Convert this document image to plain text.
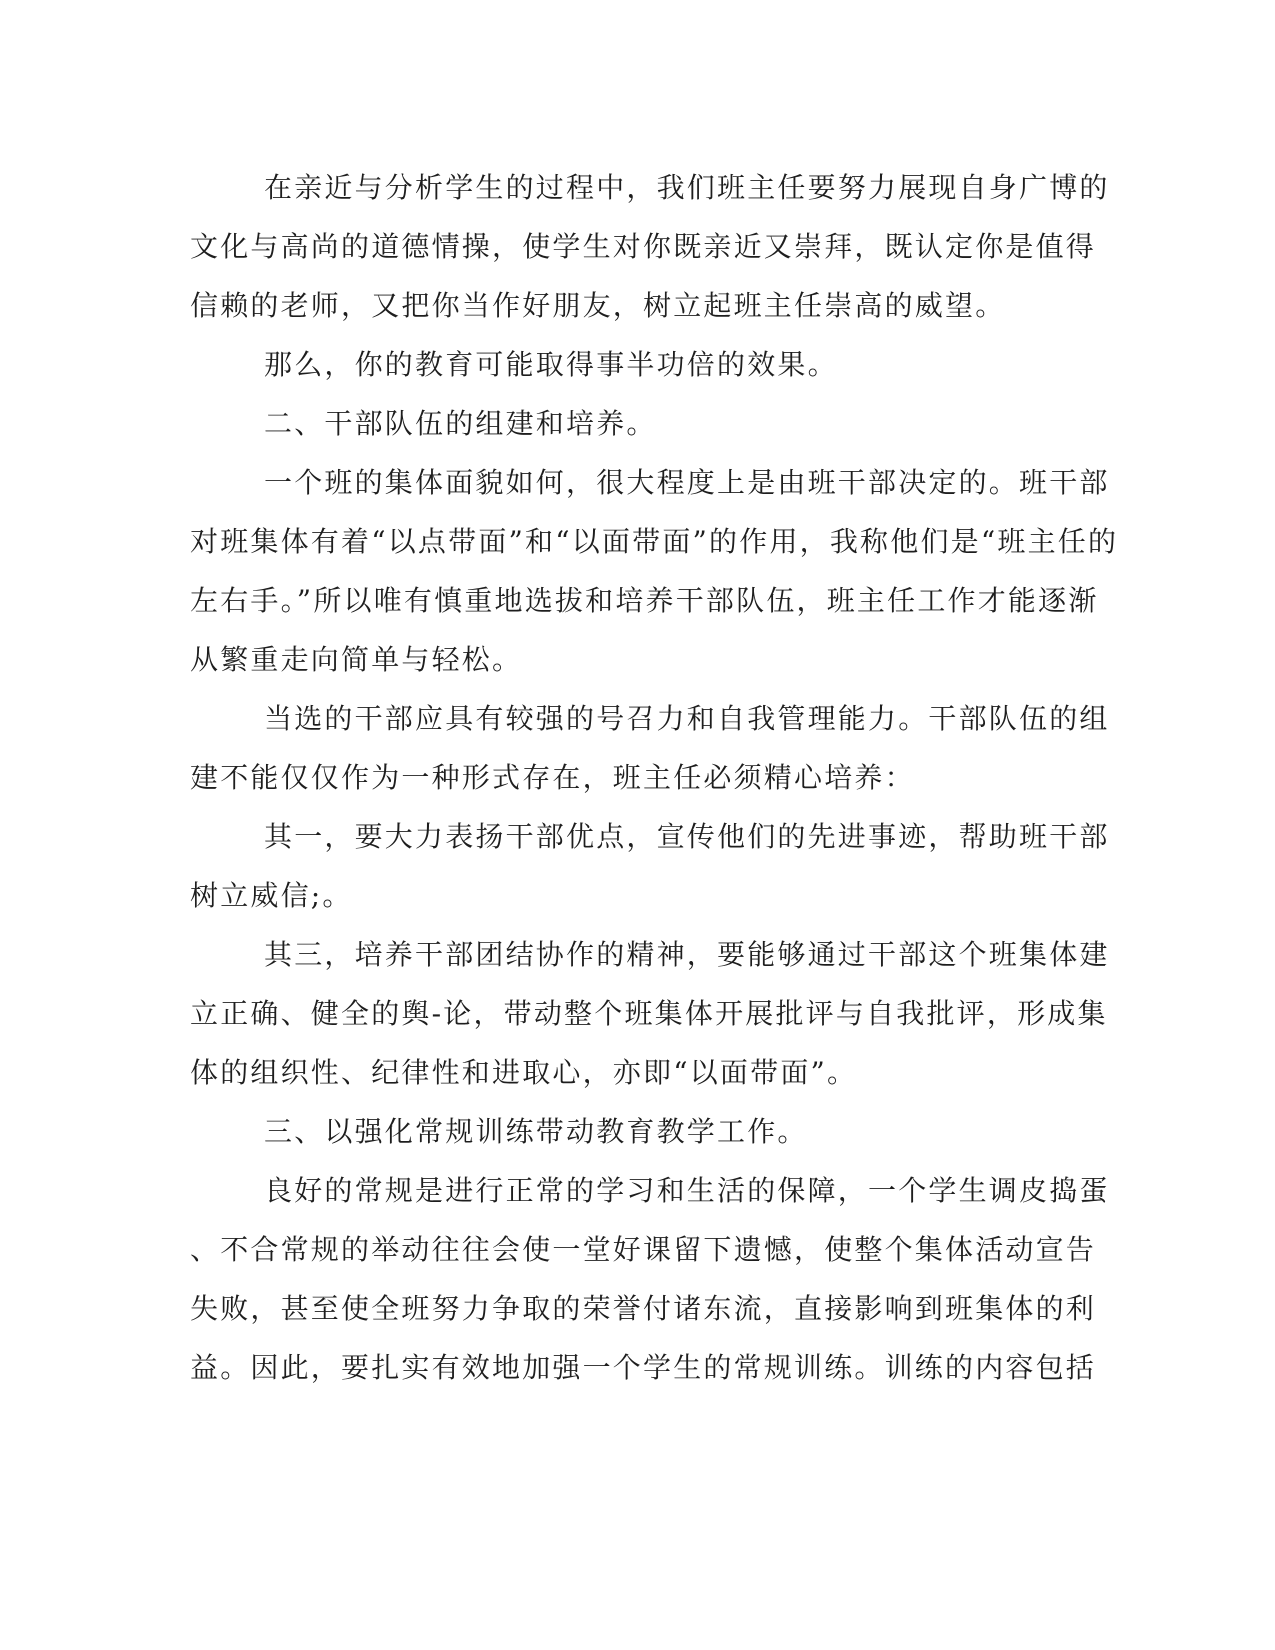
在亲近与分析学生的过程中，我们班主任要努力展现自身广博的
文化与高尚的道德情操，使学生对你既亲近又崇拜，既认定你是值得
信赖的老师，又把你当作好朋友，树立起班主任崇高的威望。
那么，你的教育可能取得事半功倍的效果。
二、干部队伍的组建和培养。
一个班的集体面貌如何，很大程度上是由班干部决定的。班干部
对班集体有着“以点带面”和“以面带面”的作用，我称他们是“班主任的
左右手。”所以唯有慎重地选拔和培养干部队伍，班主任工作才能逐渐
从繁重走向简单与轻松。
当选的干部应具有较强的号召力和自我管理能力。干部队伍的组
建不能仅仅作为一种形式存在，班主任必须精心培养：
其一，要大力表扬干部优点，宣传他们的先进事迹，帮助班干部
树立威信;。
其三，培养干部团结协作的精神，要能够通过干部这个班集体建
立正确、健全的舆-论，带动整个班集体开展批评与自我批评，形成集
体的组织性、纪律性和进取心，亦即“以面带面”。
三、以强化常规训练带动教育教学工作。
良好的常规是进行正常的学习和生活的保障，一个学生调皮捣蛋
、不合常规的举动往往会使一堂好课留下遗憾，使整个集体活动宣告
失败，甚至使全班努力争取的荣誉付诸东流，直接影响到班集体的利
益。因此，要扎实有效地加强一个学生的常规训练。训练的内容包括
